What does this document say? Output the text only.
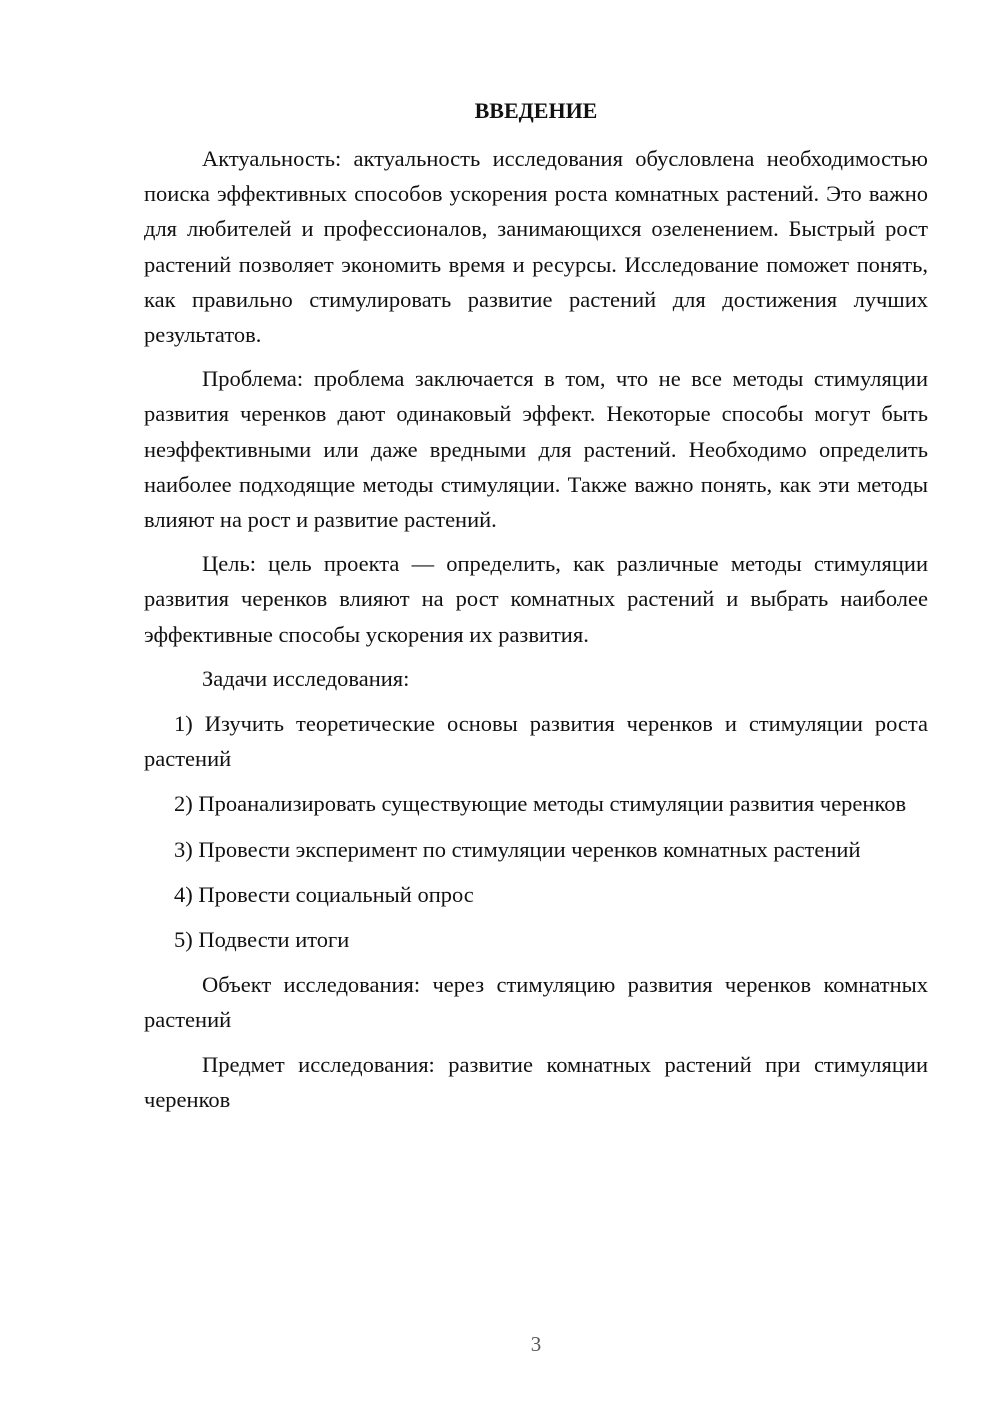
ВВЕДЕНИЕ

Актуальность: актуальность исследования обусловлена необходимостью поиска эффективных способов ускорения роста комнатных растений. Это важно для любителей и профессионалов, занимающихся озеленением. Быстрый рост растений позволяет экономить время и ресурсы. Исследование поможет понять, как правильно стимулировать развитие растений для достижения лучших результатов.

Проблема: проблема заключается в том, что не все методы стимуляции развития черенков дают одинаковый эффект. Некоторые способы могут быть неэффективными или даже вредными для растений. Необходимо определить наиболее подходящие методы стимуляции. Также важно понять, как эти методы влияют на рост и развитие растений.

Цель: цель проекта — определить, как различные методы стимуляции развития черенков влияют на рост комнатных растений и выбрать наиболее эффективные способы ускорения их развития.

Задачи исследования:

1) Изучить теоретические основы развития черенков и стимуляции роста растений

2) Проанализировать существующие методы стимуляции развития черенков

3) Провести эксперимент по стимуляции черенков комнатных растений

4) Провести социальный опрос

5) Подвести итоги

Объект исследования: через стимуляцию развития черенков комнатных растений

Предмет исследования: развитие комнатных растений при стимуляции черенков

3
